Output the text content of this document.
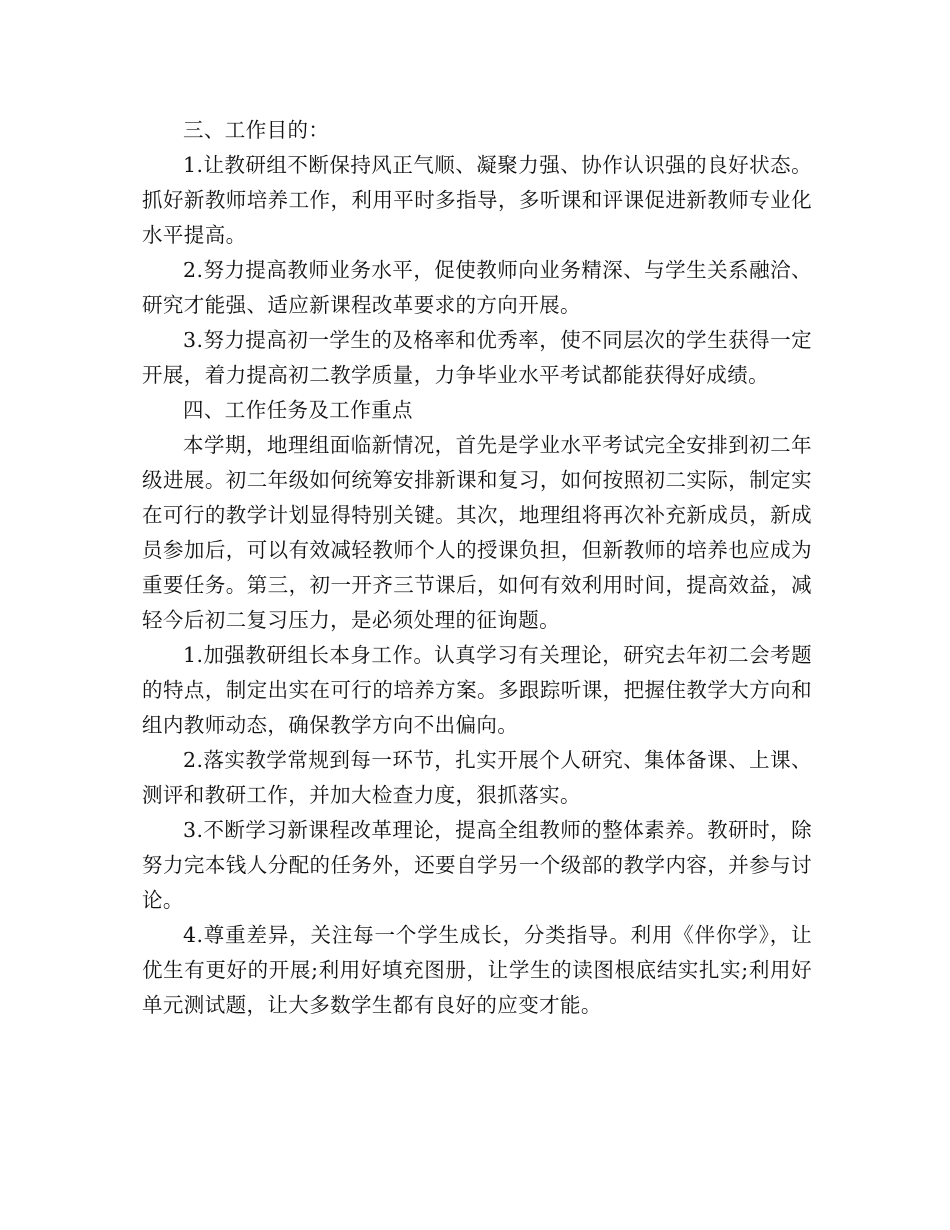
三、工作目的：

1.让教研组不断保持风正气顺、凝聚力强、协作认识强的良好状态。抓好新教师培养工作，利用平时多指导，多听课和评课促进新教师专业化水平提高。

2.努力提高教师业务水平，促使教师向业务精深、与学生关系融洽、研究才能强、适应新课程改革要求的方向开展。

3.努力提高初一学生的及格率和优秀率，使不同层次的学生获得一定开展，着力提高初二教学质量，力争毕业水平考试都能获得好成绩。

四、工作任务及工作重点

本学期，地理组面临新情况，首先是学业水平考试完全安排到初二年级进展。初二年级如何统筹安排新课和复习，如何按照初二实际，制定实在可行的教学计划显得特别关键。其次，地理组将再次补充新成员，新成员参加后，可以有效减轻教师个人的授课负担，但新教师的培养也应成为重要任务。第三，初一开齐三节课后，如何有效利用时间，提高效益，减轻今后初二复习压力，是必须处理的征询题。

1.加强教研组长本身工作。认真学习有关理论，研究去年初二会考题的特点，制定出实在可行的培养方案。多跟踪听课，把握住教学大方向和组内教师动态，确保教学方向不出偏向。

2.落实教学常规到每一环节，扎实开展个人研究、集体备课、上课、测评和教研工作，并加大检查力度，狠抓落实。

3.不断学习新课程改革理论，提高全组教师的整体素养。教研时，除努力完本钱人分配的任务外，还要自学另一个级部的教学内容，并参与讨论。

4.尊重差异，关注每一个学生成长，分类指导。利用《伴你学》，让优生有更好的开展;利用好填充图册，让学生的读图根底结实扎实;利用好单元测试题，让大多数学生都有良好的应变才能。
